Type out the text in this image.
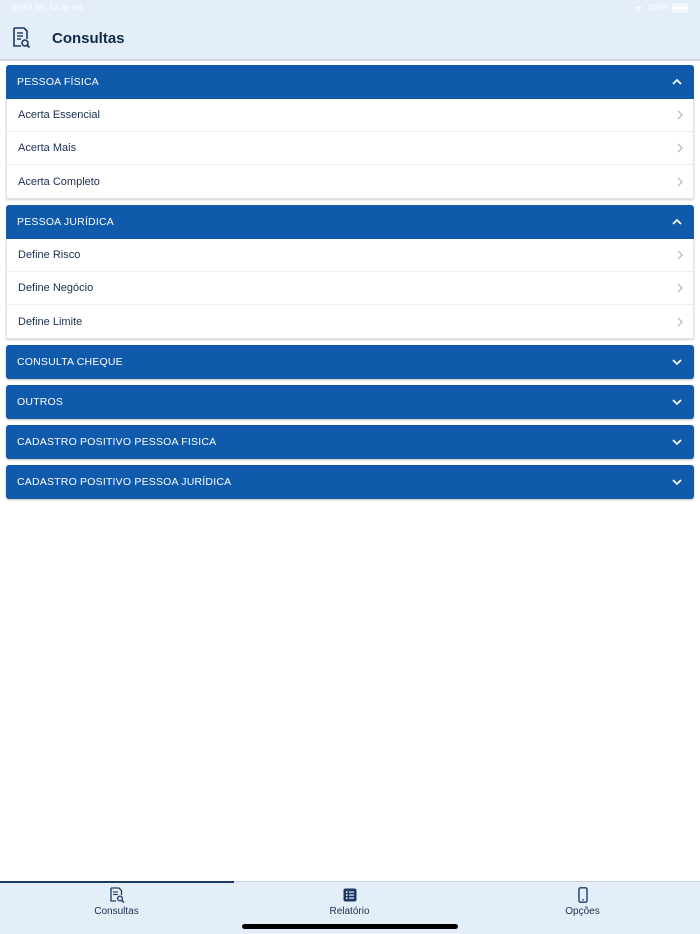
09:53 Ter. 12 de set.	100%
Consultas
PESSOA FÍSICA
Acerta Essencial
Acerta Mais
Acerta Completo
PESSOA JURÍDICA
Define Risco
Define Negócio
Define Limite
CONSULTA CHEQUE
OUTROS
CADASTRO POSITIVO PESSOA FISICA
CADASTRO POSITIVO PESSOA JURÍDICA
Consultas	Relatório	Opções
